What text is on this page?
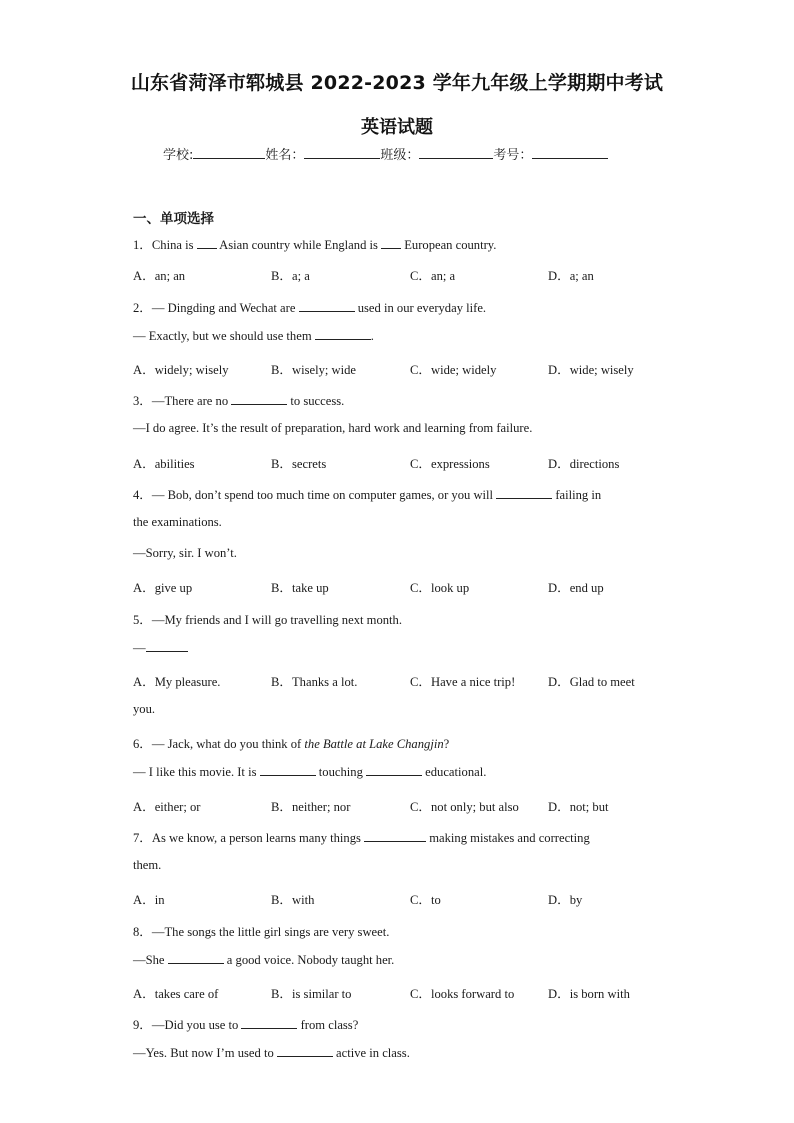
山东省菏泽市郓城县 2022-2023 学年九年级上学期期中考试
英语试题
学校:	姓名：	班级：	考号：
一、单项选择
1．China is  Asian country while England is  European country.
A．an; an	B．a; a	C．an; a	D．a; an
2．— Dingding and Wechat are	used in our everyday life.
— Exactly, but we should use them	.
A．widely; wisely	B．wisely; wide	C．wide; widely	D．wide; wisely
3．—There are no	to success.
—I do agree. It’s the result of preparation, hard work and learning from failure.
A．abilities	B．secrets	C．expressions	D．directions
4．— Bob, don’t spend too much time on computer games, or you will	failing in
the examinations.
—Sorry, sir. I won’t.
A．give up	B．take up	C．look up	D．end up
5．—My friends and I will go travelling next month.
—
A．My pleasure.	B．Thanks a lot.	C．Have a nice trip!	D．Glad to meet
you.
6．— Jack, what do you think of the Battle at Lake Changjin?
— I like this movie. It is	touching	educational.
A．either; or	B．neither; nor	C．not only; but also D．not; but
7．As we know, a person learns many things	making mistakes and correcting
them.
A．in	B．with	C．to	D．by
8．—The songs the little girl sings are very sweet.
—She	a good voice. Nobody taught her.
A．takes care of	B．is similar to	C．looks forward to	D．is born with
9．—Did you use to	from class?
—Yes. But now I’m used to	active in class.
